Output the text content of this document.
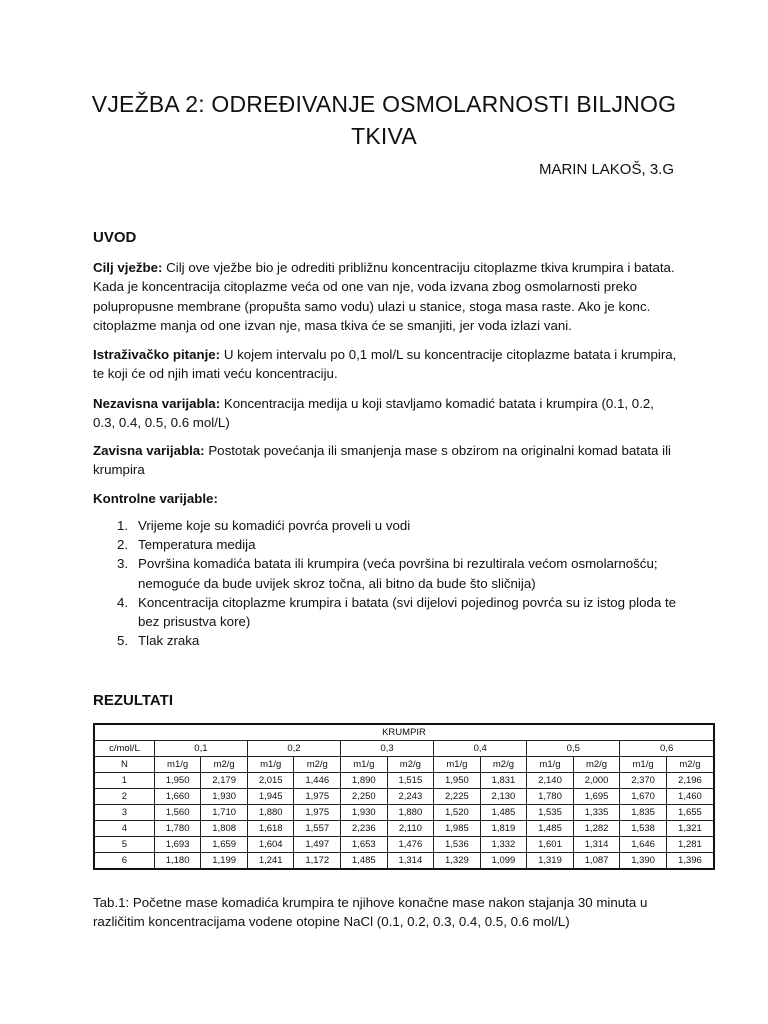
VJEŽBA 2: ODREĐIVANJE OSMOLARNOSTI BILJNOG TKIVA
MARIN LAKOŠ, 3.G
UVOD
Cilj vježbe: Cilj ove vježbe bio je odrediti približnu koncentraciju citoplazme tkiva krumpira i batata. Kada je koncentracija citoplazme veća od one van nje, voda izvana zbog osmolarnosti preko polupropusne membrane (propušta samo vodu) ulazi u stanice, stoga masa raste. Ako je konc. citoplazme manja od one izvan nje, masa tkiva će se smanjiti, jer voda izlazi vani.
Istraživačko pitanje: U kojem intervalu po 0,1 mol/L su koncentracije citoplazme batata i krumpira, te koji će od njih imati veću koncentraciju.
Nezavisna varijabla: Koncentracija medija u koji stavljamo komadić batata i krumpira (0.1, 0.2, 0.3, 0.4, 0.5, 0.6 mol/L)
Zavisna varijabla: Postotak povećanja ili smanjenja mase s obzirom na originalni komad batata ili krumpira
Kontrolne varijable:
1. Vrijeme koje su komadići povrća proveli u vodi
2. Temperatura medija
3. Površina komadića batata ili krumpira (veća površina bi rezultirala većom osmolarnošću; nemoguće da bude uvijek skroz točna, ali bitno da bude što sličnija)
4. Koncentracija citoplazme krumpira i batata (svi dijelovi pojedinog povrća su iz istog ploda te bez prisustva kore)
5. Tlak zraka
REZULTATI
KRUMPIR												
c/mol/L	0,1		0,2		0,3		0,4		0,5		0,6	
N	m1/g	m2/g	m1/g	m2/g	m1/g	m2/g	m1/g	m2/g	m1/g	m2/g	m1/g	m2/g
1	1,950	2,179	2,015	1,446	1,890	1,515	1,950	1,831	2,140	2,000	2,370	2,196
2	1,660	1,930	1,945	1,975	2,250	2,243	2,225	2,130	1,780	1,695	1,670	1,460
3	1,560	1,710	1,880	1,975	1,930	1,880	1,520	1,485	1,535	1,335	1,835	1,655
4	1,780	1,808	1,618	1,557	2,236	2,110	1,985	1,819	1,485	1,282	1,538	1,321
5	1,693	1,659	1,604	1,497	1,653	1,476	1,536	1,332	1,601	1,314	1,646	1,281
6	1,180	1,199	1,241	1,172	1,485	1,314	1,329	1,099	1,319	1,087	1,390	1,396
Tab.1: Početne mase komadića krumpira te njihove konačne mase nakon stajanja 30 minuta u različitim koncentracijama vodene otopine NaCl (0.1, 0.2, 0.3, 0.4, 0.5, 0.6 mol/L)
